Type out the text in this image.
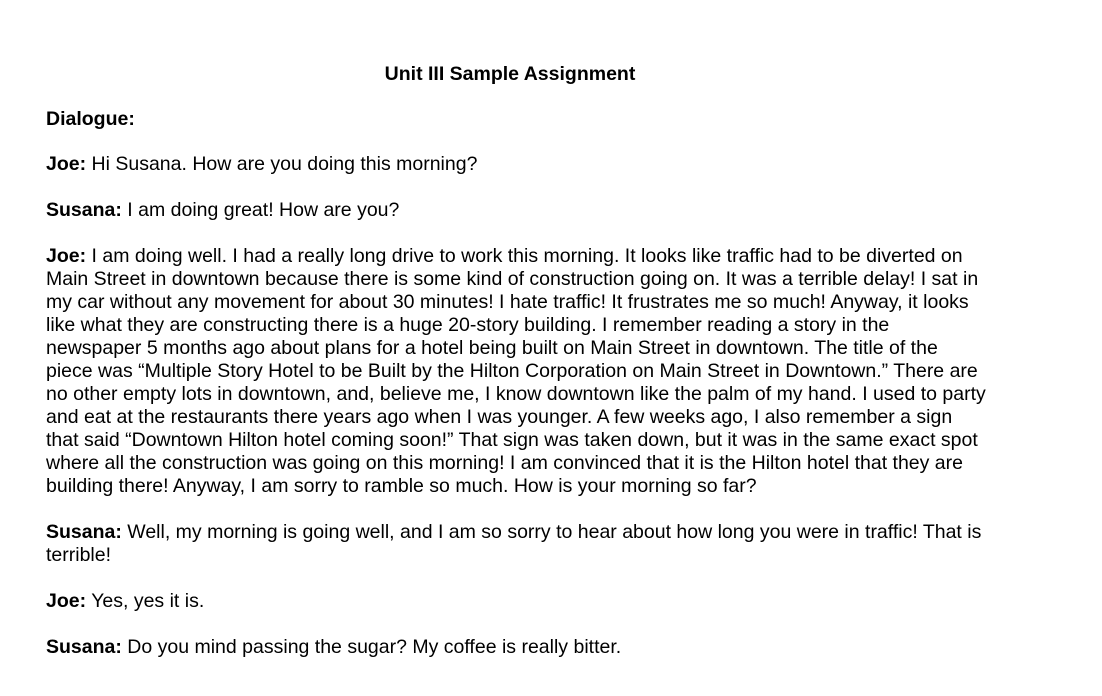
Unit III Sample Assignment
Dialogue:

Joe: Hi Susana. How are you doing this morning?

Susana: I am doing great! How are you?

Joe: I am doing well. I had a really long drive to work this morning. It looks like traffic had to be diverted on Main Street in downtown because there is some kind of construction going on. It was a terrible delay! I sat in my car without any movement for about 30 minutes! I hate traffic! It frustrates me so much! Anyway, it looks like what they are constructing there is a huge 20-story building. I remember reading a story in the newspaper 5 months ago about plans for a hotel being built on Main Street in downtown. The title of the piece was “Multiple Story Hotel to be Built by the Hilton Corporation on Main Street in Downtown.” There are no other empty lots in downtown, and, believe me, I know downtown like the palm of my hand. I used to party and eat at the restaurants there years ago when I was younger. A few weeks ago, I also remember a sign that said “Downtown Hilton hotel coming soon!” That sign was taken down, but it was in the same exact spot where all the construction was going on this morning! I am convinced that it is the Hilton hotel that they are building there! Anyway, I am sorry to ramble so much. How is your morning so far?

Susana: Well, my morning is going well, and I am so sorry to hear about how long you were in traffic! That is terrible!

Joe: Yes, yes it is.

Susana: Do you mind passing the sugar? My coffee is really bitter.
